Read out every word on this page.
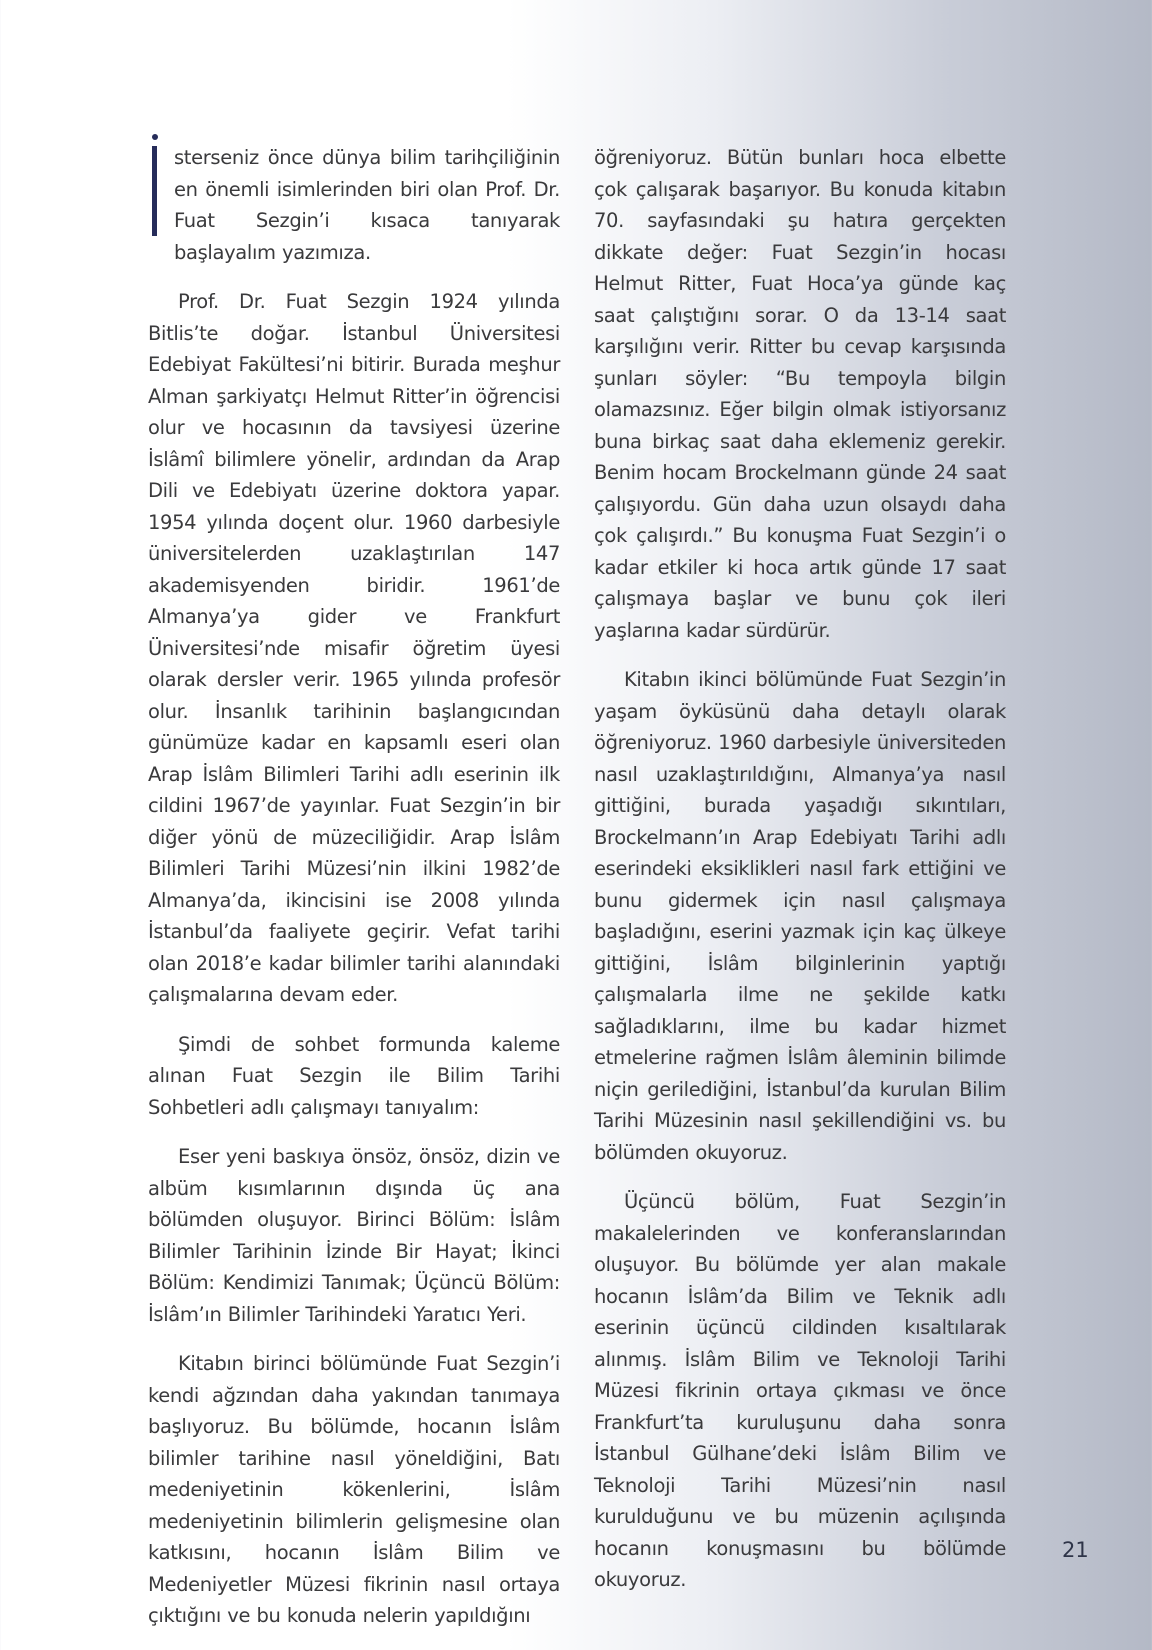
sterseniz önce dünya bilim tarihçiliğinin en önemli isimlerinden biri olan Prof. Dr. Fuat Sezgin’i kısaca tanıyarak başlayalım yazımıza.

Prof. Dr. Fuat Sezgin 1924 yılında Bitlis’te doğar. İstanbul Üniversitesi Edebiyat Fakültesi’ni bitirir. Burada meşhur Alman şarkiyatçı Helmut Ritter’in öğrencisi olur ve hocasının da tavsiyesi üzerine İslâmî bilimlere yönelir, ardından da Arap Dili ve Edebiyatı üzerine doktora yapar. 1954 yılında doçent olur. 1960 darbesiyle üniversitelerden uzaklaştırılan 147 akademisyenden biridir. 1961’de Almanya’ya gider ve Frankfurt Üniversitesi’nde misafir öğretim üyesi olarak dersler verir. 1965 yılında profesör olur. İnsanlık tarihinin başlangıcından günümüze kadar en kapsamlı eseri olan Arap İslâm Bilimleri Tarihi adlı eserinin ilk cildini 1967’de yayınlar. Fuat Sezgin’in bir diğer yönü de müzeciliğidir. Arap İslâm Bilimleri Tarihi Müzesi’nin ilkini 1982’de Almanya’da, ikincisini ise 2008 yılında İstanbul’da faaliyete geçirir. Vefat tarihi olan 2018’e kadar bilimler tarihi alanındaki çalışmalarına devam eder.

Şimdi de sohbet formunda kaleme alınan Fuat Sezgin ile Bilim Tarihi Sohbetleri adlı çalışmayı tanıyalım:

Eser yeni baskıya önsöz, önsöz, dizin ve albüm kısımlarının dışında üç ana bölümden oluşuyor. Birinci Bölüm: İslâm Bilimler Tarihinin İzinde Bir Hayat; İkinci Bölüm: Kendimizi Tanımak; Üçüncü Bölüm: İslâm’ın Bilimler Tarihindeki Yaratıcı Yeri.

Kitabın birinci bölümünde Fuat Sezgin’i kendi ağzından daha yakından tanımaya başlıyoruz. Bu bölümde, hocanın İslâm bilimler tarihine nasıl yöneldiğini, Batı medeniyetinin kökenlerini, İslâm medeniyetinin bilimlerin gelişmesine olan katkısını, hocanın İslâm Bilim ve Medeniyetler Müzesi fikrinin nasıl ortaya çıktığını ve bu konuda nelerin yapıldığını

öğreniyoruz. Bütün bunları hoca elbette çok çalışarak başarıyor. Bu konuda kitabın 70. sayfasındaki şu hatıra gerçekten dikkate değer: Fuat Sezgin’in hocası Helmut Ritter, Fuat Hoca’ya günde kaç saat çalıştığını sorar. O da 13-14 saat karşılığını verir. Ritter bu cevap karşısında şunları söyler: “Bu tempoyla bilgin olamazsınız. Eğer bilgin olmak istiyorsanız buna birkaç saat daha eklemeniz gerekir. Benim hocam Brockelmann günde 24 saat çalışıyordu. Gün daha uzun olsaydı daha çok çalışırdı.” Bu konuşma Fuat Sezgin’i o kadar etkiler ki hoca artık günde 17 saat çalışmaya başlar ve bunu çok ileri yaşlarına kadar sürdürür.

Kitabın ikinci bölümünde Fuat Sezgin’in yaşam öyküsünü daha detaylı olarak öğreniyoruz. 1960 darbesiyle üniversiteden nasıl uzaklaştırıldığını, Almanya’ya nasıl gittiğini, burada yaşadığı sıkıntıları, Brockelmann’ın Arap Edebiyatı Tarihi adlı eserindeki eksiklikleri nasıl fark ettiğini ve bunu gidermek için nasıl çalışmaya başladığını, eserini yazmak için kaç ülkeye gittiğini, İslâm bilginlerinin yaptığı çalışmalarla ilme ne şekilde katkı sağladıklarını, ilme bu kadar hizmet etmelerine rağmen İslâm âleminin bilimde niçin gerilediğini, İstanbul’da kurulan Bilim Tarihi Müzesinin nasıl şekillendiğini vs. bu bölümden okuyoruz.

Üçüncü bölüm, Fuat Sezgin’in makalelerinden ve konferanslarından oluşuyor. Bu bölümde yer alan makale hocanın İslâm’da Bilim ve Teknik adlı eserinin üçüncü cildinden kısaltılarak alınmış. İslâm Bilim ve Teknoloji Tarihi Müzesi fikrinin ortaya çıkması ve önce Frankfurt’ta kuruluşunu daha sonra İstanbul Gülhane’deki İslâm Bilim ve Teknoloji Tarihi Müzesi’nin nasıl kurulduğunu ve bu müzenin açılışında hocanın konuşmasını bu bölümde okuyoruz.

21
